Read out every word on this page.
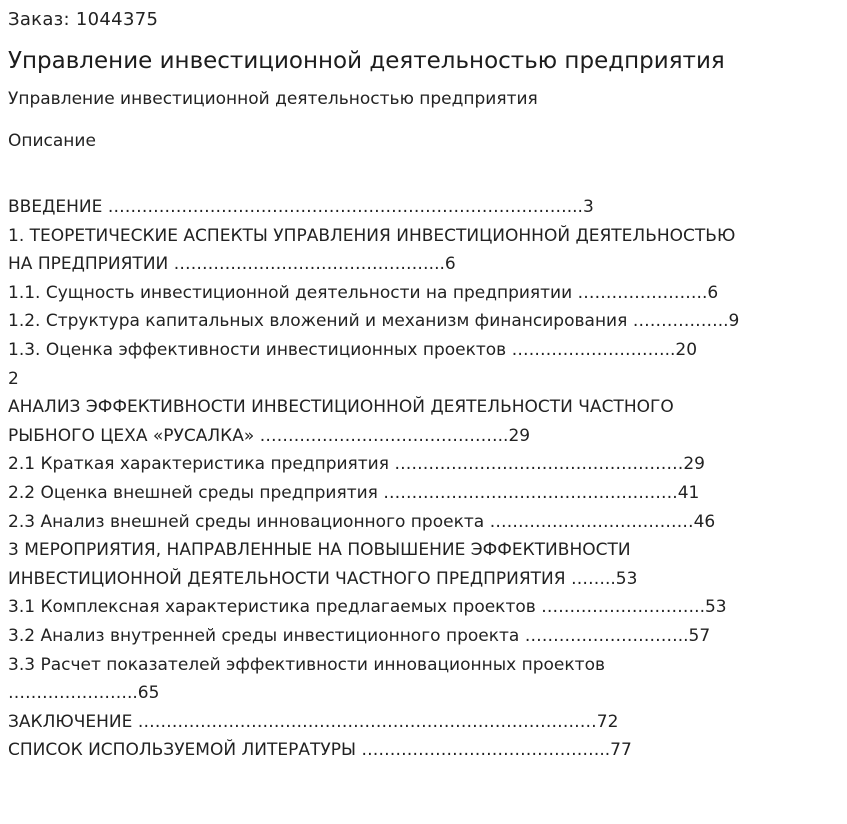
Заказ: 1044375
Управление инвестиционной деятельностью предприятия
Управление инвестиционной деятельностью предприятия
Описание
ВВЕДЕНИЕ ………………………………………………………………………...3
1. ТЕОРЕТИЧЕСКИЕ АСПЕКТЫ УПРАВЛЕНИЯ ИНВЕСТИЦИОННОЙ ДЕЯТЕЛЬНОСТЬЮ
НА ПРЕДПРИЯТИИ ………………………………………...6
1.1. Сущность инвестиционной деятельности на предприятии …………………..6
1.2. Структура капитальных вложений и механизм финансирования ……………..9
1.3. Оценка эффективности инвестиционных проектов ………………………..20
2
АНАЛИЗ ЭФФЕКТИВНОСТИ ИНВЕСТИЦИОННОЙ ДЕЯТЕЛЬНОСТИ ЧАСТНОГО
РЫБНОГО ЦЕХА «РУСАЛКА» ……………………………………..29
2.1 Краткая характеристика предприятия ……………………………………………29
2.2 Оценка внешней среды предприятия …………………………………………….41
2.3 Анализ внешней среды инновационного проекта ………………………………46
3 МЕРОПРИЯТИЯ, НАПРАВЛЕННЫЕ НА ПОВЫШЕНИЕ ЭФФЕКТИВНОСТИ
ИНВЕСТИЦИОННОЙ ДЕЯТЕЛЬНОСТИ ЧАСТНОГО ПРЕДПРИЯТИЯ ……..53
3.1 Комплексная характеристика предлагаемых проектов ………………………..53
3.2 Анализ внутренней среды инвестиционного проекта ………………………..57
3.3 Расчет показателей эффективности инновационных проектов
…………………..65
ЗАКЛЮЧЕНИЕ ………………………………………………………………………72
СПИСОК ИСПОЛЬЗУЕМОЙ ЛИТЕРАТУРЫ ……………………………………..77
